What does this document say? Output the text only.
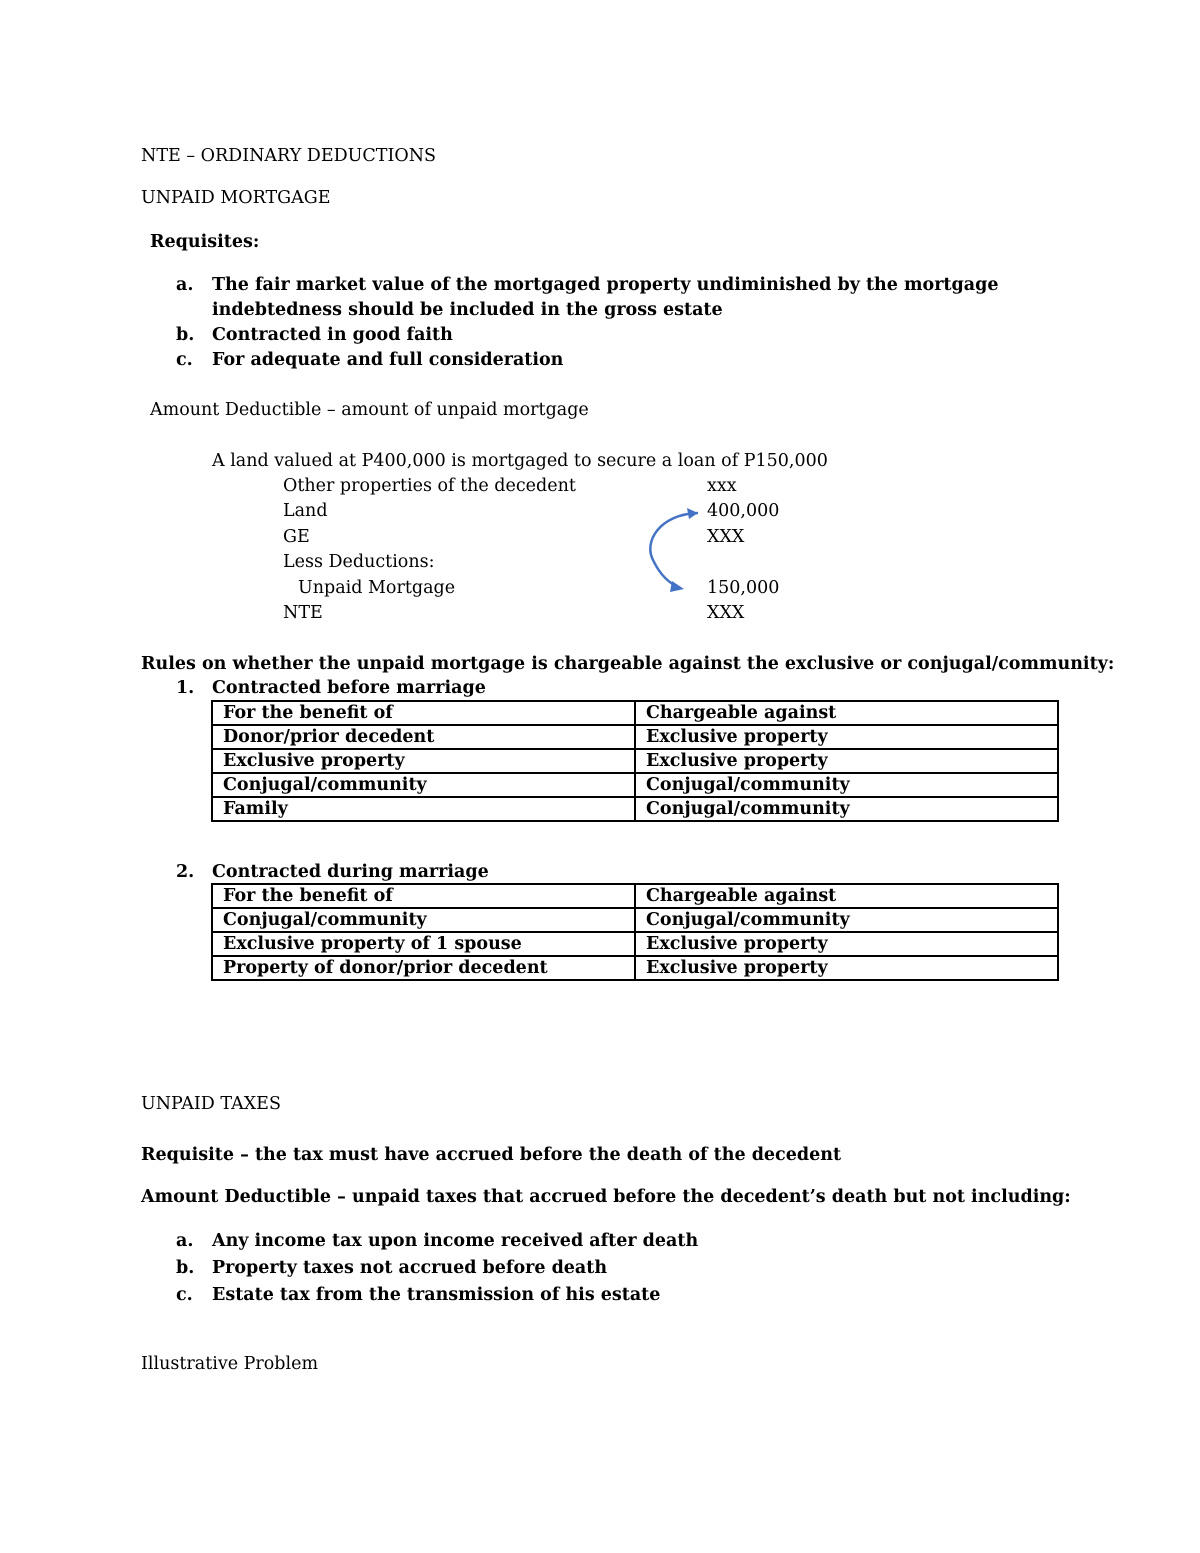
NTE – ORDINARY DEDUCTIONS
UNPAID MORTGAGE
Requisites:
a. The fair market value of the mortgaged property undiminished by the mortgage
indebtedness should be included in the gross estate
b. Contracted in good faith
c. For adequate and full consideration
Amount Deductible – amount of unpaid mortgage
A land valued at P400,000 is mortgaged to secure a loan of P150,000
Other properties of the decedent	xxx
Land	400,000
GE	XXX
Less Deductions:
Unpaid Mortgage	150,000
NTE	XXX
Rules on whether the unpaid mortgage is chargeable against the exclusive or conjugal/community:
1. Contracted before marriage
For the benefit of	Chargeable against
Donor/prior decedent	Exclusive property
Exclusive property	Exclusive property
Conjugal/community	Conjugal/community
Family	Conjugal/community
2. Contracted during marriage
For the benefit of	Chargeable against
Conjugal/community	Conjugal/community
Exclusive property of 1 spouse	Exclusive property
Property of donor/prior decedent	Exclusive property
UNPAID TAXES
Requisite – the tax must have accrued before the death of the decedent
Amount Deductible – unpaid taxes that accrued before the decedent’s death but not including:
a. Any income tax upon income received after death
b. Property taxes not accrued before death
c. Estate tax from the transmission of his estate
Illustrative Problem
